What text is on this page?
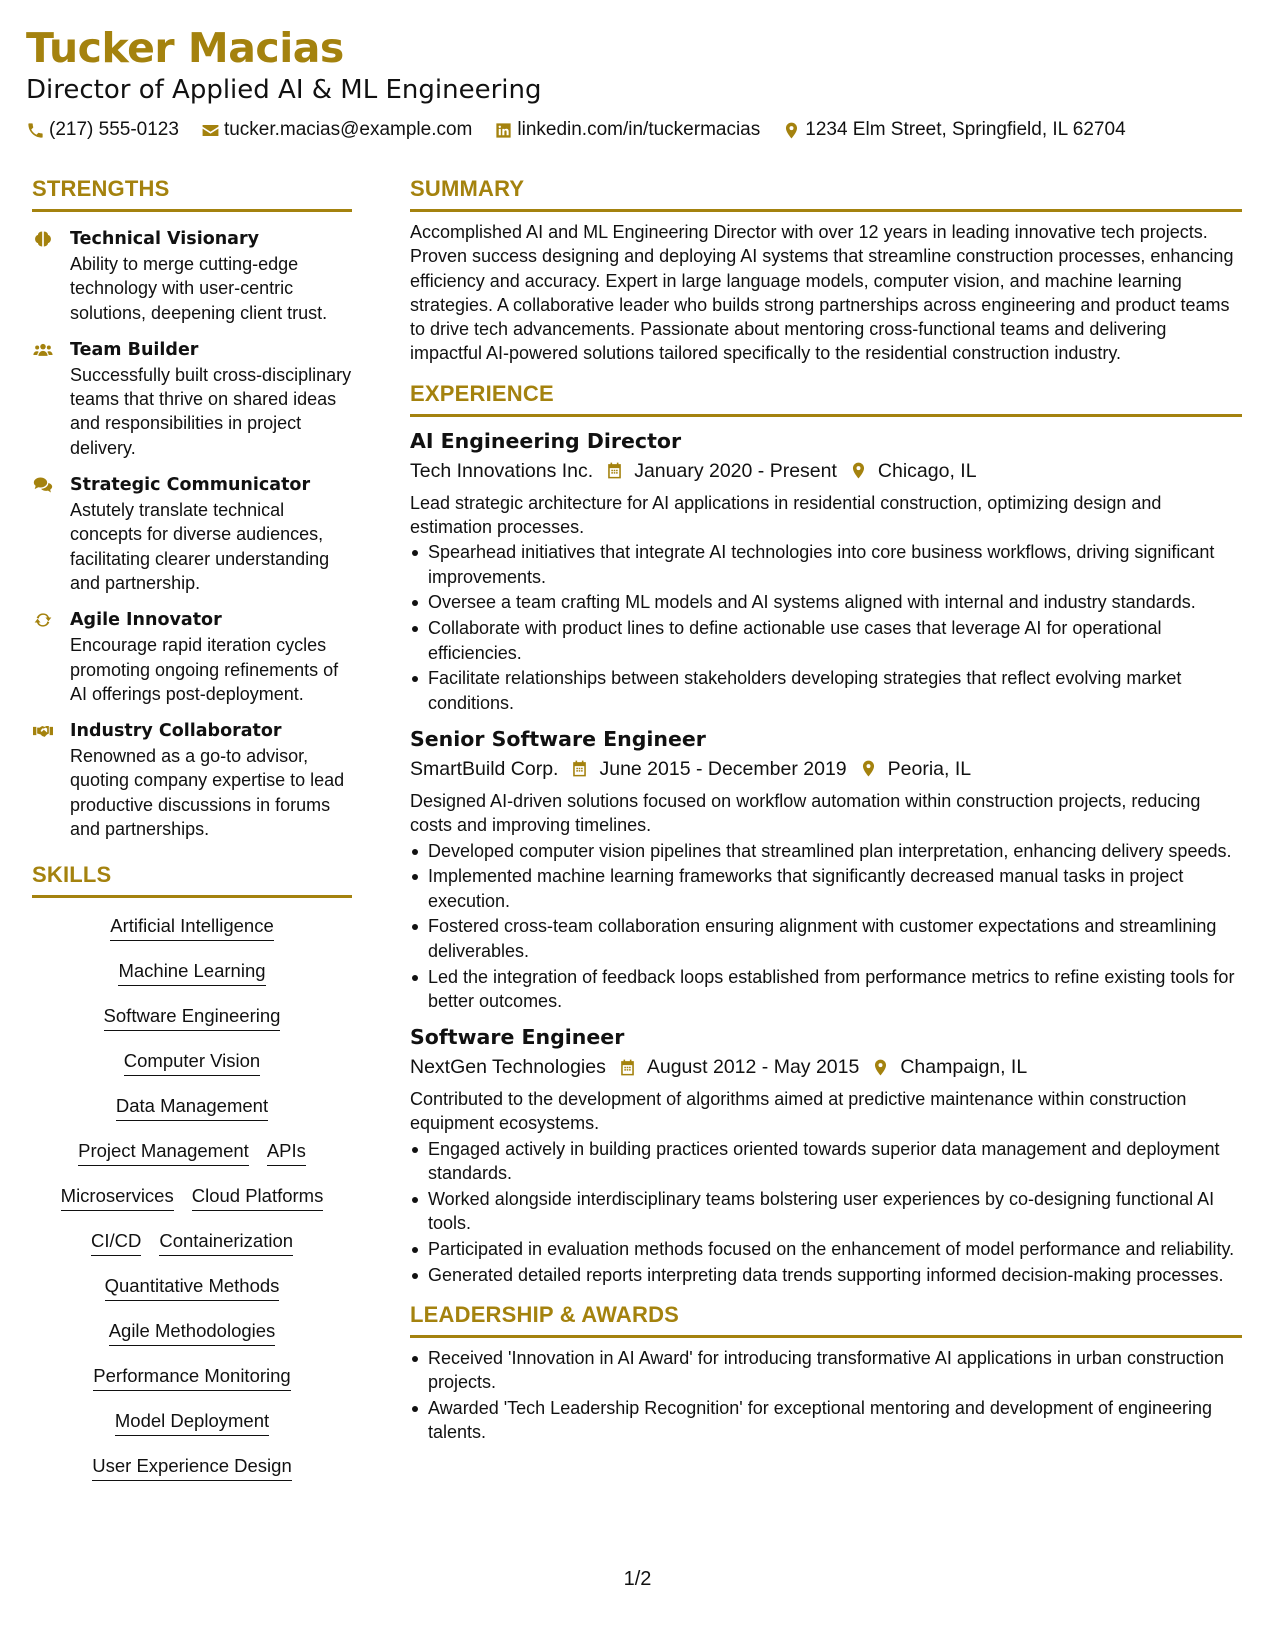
Tucker Macias
Director of Applied AI & ML Engineering
(217) 555-0123 tucker.macias@example.com linkedin.com/in/tuckermacias 1234 Elm Street, Springfield, IL 62704
STRENGTHS
Technical Visionary
Ability to merge cutting-edge technology with user-centric solutions, deepening client trust.
Team Builder
Successfully built cross-disciplinary teams that thrive on shared ideas and responsibilities in project delivery.
Strategic Communicator
Astutely translate technical concepts for diverse audiences, facilitating clearer understanding and partnership.
Agile Innovator
Encourage rapid iteration cycles promoting ongoing refinements of AI offerings post-deployment.
Industry Collaborator
Renowned as a go-to advisor, quoting company expertise to lead productive discussions in forums and partnerships.
SKILLS
Artificial Intelligence
Machine Learning
Software Engineering
Computer Vision
Data Management
Project Management APIs
Microservices Cloud Platforms
CI/CD Containerization
Quantitative Methods
Agile Methodologies
Performance Monitoring
Model Deployment
User Experience Design
SUMMARY
Accomplished AI and ML Engineering Director with over 12 years in leading innovative tech projects. Proven success designing and deploying AI systems that streamline construction processes, enhancing efficiency and accuracy. Expert in large language models, computer vision, and machine learning strategies. A collaborative leader who builds strong partnerships across engineering and product teams to drive tech advancements. Passionate about mentoring cross-functional teams and delivering impactful AI-powered solutions tailored specifically to the residential construction industry.
EXPERIENCE
AI Engineering Director
Tech Innovations Inc. January 2020 - Present Chicago, IL
Lead strategic architecture for AI applications in residential construction, optimizing design and estimation processes.
Spearhead initiatives that integrate AI technologies into core business workflows, driving significant improvements.
Oversee a team crafting ML models and AI systems aligned with internal and industry standards.
Collaborate with product lines to define actionable use cases that leverage AI for operational efficiencies.
Facilitate relationships between stakeholders developing strategies that reflect evolving market conditions.
Senior Software Engineer
SmartBuild Corp. June 2015 - December 2019 Peoria, IL
Designed AI-driven solutions focused on workflow automation within construction projects, reducing costs and improving timelines.
Developed computer vision pipelines that streamlined plan interpretation, enhancing delivery speeds.
Implemented machine learning frameworks that significantly decreased manual tasks in project execution.
Fostered cross-team collaboration ensuring alignment with customer expectations and streamlining deliverables.
Led the integration of feedback loops established from performance metrics to refine existing tools for better outcomes.
Software Engineer
NextGen Technologies August 2012 - May 2015 Champaign, IL
Contributed to the development of algorithms aimed at predictive maintenance within construction equipment ecosystems.
Engaged actively in building practices oriented towards superior data management and deployment standards.
Worked alongside interdisciplinary teams bolstering user experiences by co-designing functional AI tools.
Participated in evaluation methods focused on the enhancement of model performance and reliability.
Generated detailed reports interpreting data trends supporting informed decision-making processes.
LEADERSHIP & AWARDS
Received 'Innovation in AI Award' for introducing transformative AI applications in urban construction projects.
Awarded 'Tech Leadership Recognition' for exceptional mentoring and development of engineering talents.
1/2
